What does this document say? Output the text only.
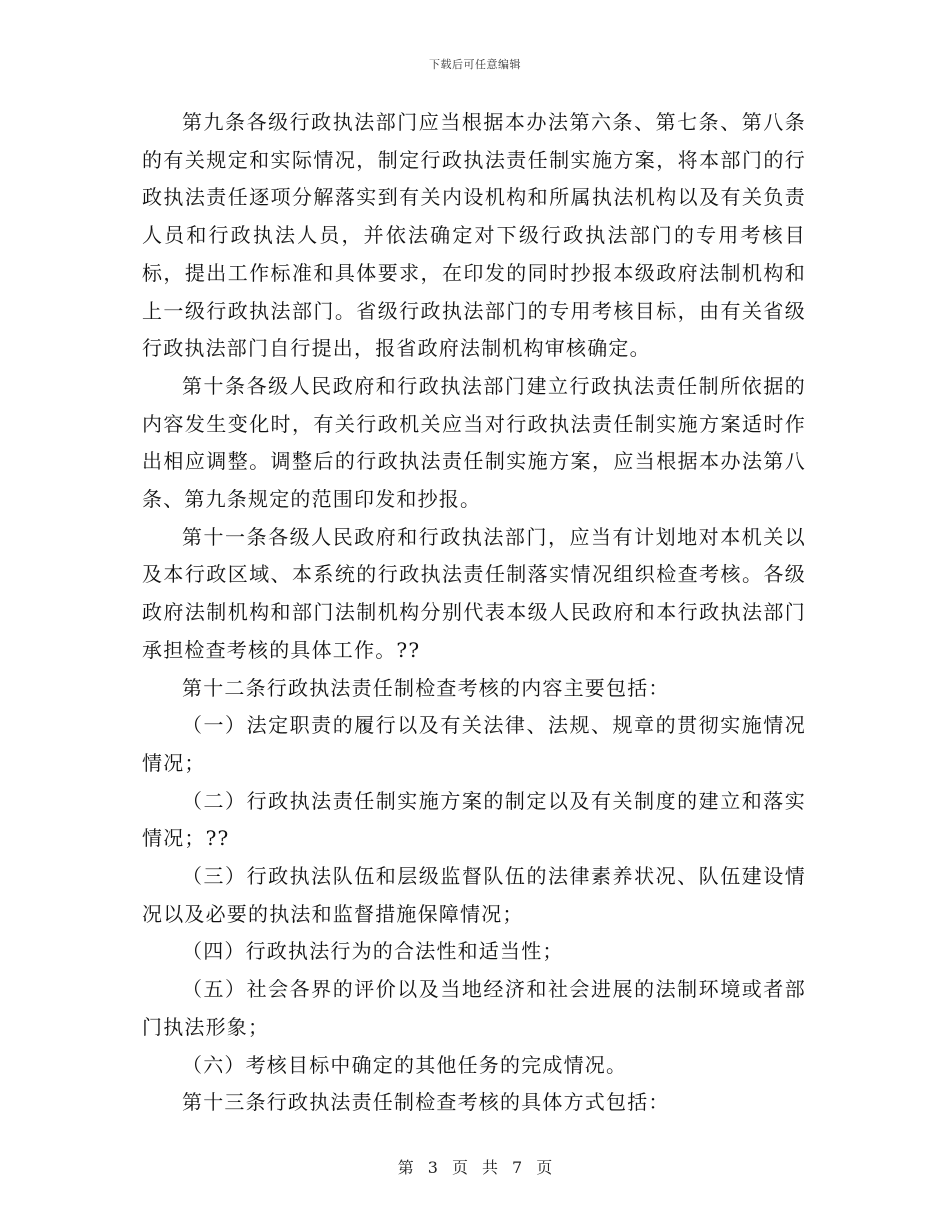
下载后可任意编辑

第九条各级行政执法部门应当根据本办法第六条、第七条、第八条的有关规定和实际情况，制定行政执法责任制实施方案，将本部门的行政执法责任逐项分解落实到有关内设机构和所属执法机构以及有关负责人员和行政执法人员，并依法确定对下级行政执法部门的专用考核目标，提出工作标准和具体要求，在印发的同时抄报本级政府法制机构和上一级行政执法部门。省级行政执法部门的专用考核目标，由有关省级行政执法部门自行提出，报省政府法制机构审核确定。

第十条各级人民政府和行政执法部门建立行政执法责任制所依据的内容发生变化时，有关行政机关应当对行政执法责任制实施方案适时作出相应调整。调整后的行政执法责任制实施方案，应当根据本办法第八条、第九条规定的范围印发和抄报。

第十一条各级人民政府和行政执法部门，应当有计划地对本机关以及本行政区域、本系统的行政执法责任制落实情况组织检查考核。各级政府法制机构和部门法制机构分别代表本级人民政府和本行政执法部门承担检查考核的具体工作。??

第十二条行政执法责任制检查考核的内容主要包括：

（一）法定职责的履行以及有关法律、法规、规章的贯彻实施情况情况；

（二）行政执法责任制实施方案的制定以及有关制度的建立和落实情况；??

（三）行政执法队伍和层级监督队伍的法律素养状况、队伍建设情况以及必要的执法和监督措施保障情况；

（四）行政执法行为的合法性和适当性；

（五）社会各界的评价以及当地经济和社会进展的法制环境或者部门执法形象；

（六）考核目标中确定的其他任务的完成情况。

第十三条行政执法责任制检查考核的具体方式包括：

第 3 页 共 7 页
